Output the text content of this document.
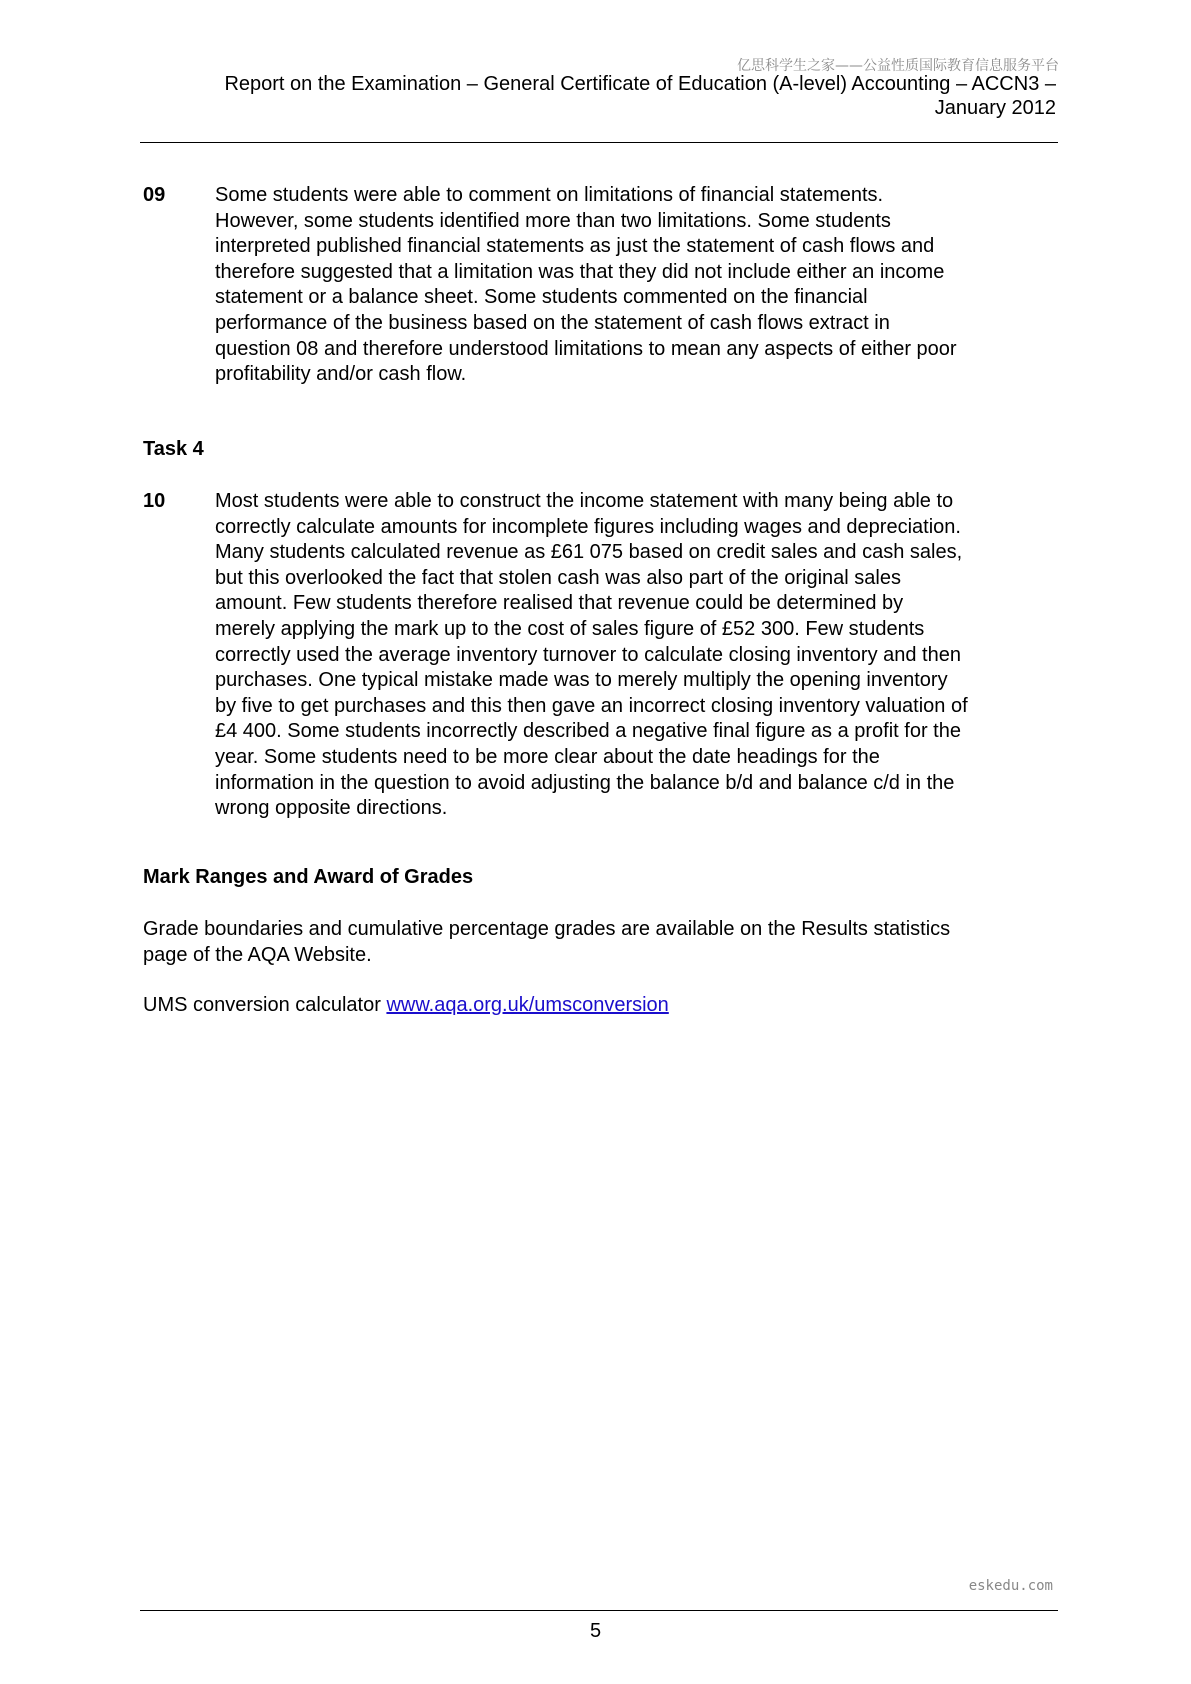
亿思科学生之家——公益性质国际教育信息服务平台
Report on the Examination – General Certificate of Education (A-level) Accounting – ACCN3 –
January 2012
09 Some students were able to comment on limitations of financial statements.

However, some students identified more than two limitations. Some students

interpreted published financial statements as just the statement of cash flows and

therefore suggested that a limitation was that they did not include either an income

statement or a balance sheet. Some students commented on the financial

performance of the business based on the statement of cash flows extract in

question 08 and therefore understood limitations to mean any aspects of either poor

profitability and/or cash flow.

Task 4
10 Most students were able to construct the income statement with many being able to

correctly calculate amounts for incomplete figures including wages and depreciation.

Many students calculated revenue as £61 075 based on credit sales and cash sales,

but this overlooked the fact that stolen cash was also part of the original sales

amount. Few students therefore realised that revenue could be determined by

merely applying the mark up to the cost of sales figure of £52 300. Few students

correctly used the average inventory turnover to calculate closing inventory and then

purchases. One typical mistake made was to merely multiply the opening inventory

by five to get purchases and this then gave an incorrect closing inventory valuation of

£4 400. Some students incorrectly described a negative final figure as a profit for the

year. Some students need to be more clear about the date headings for the

information in the question to avoid adjusting the balance b/d and balance c/d in the

wrong opposite directions.

Mark Ranges and Award of Grades

Grade boundaries and cumulative percentage grades are available on the Results statistics

page of the AQA Website.

UMS conversion calculator www.aqa.org.uk/umsconversion

eskedu.com
5
